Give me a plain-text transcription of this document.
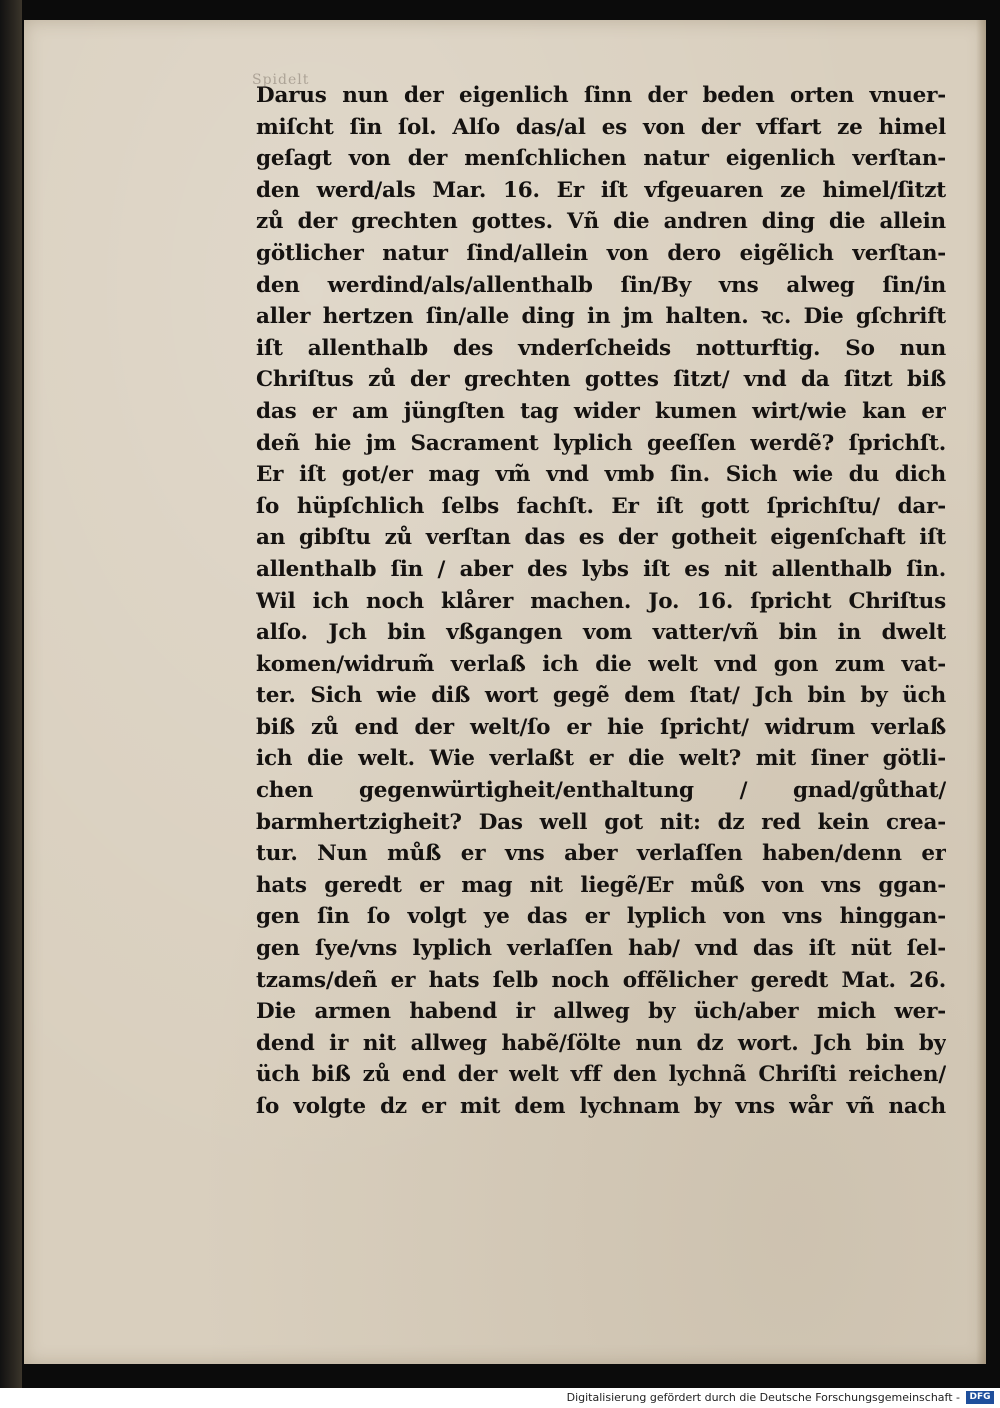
Spidelt
Darus nun der eigenlich ſinn der beden orten vnuer‑
miſcht ſin ſol. Alſo das/al es von der vffart ze himel
geſagt von der menſchlichen natur eigenlich verſtan‑
den werd/als Mar. 16. Er iſt vfgeuaren ze himel/ſitzt
zů der grechten gottes. Vñ die andren ding die allein
götlicher natur ſind/allein von dero eigẽlich verſtan‑
den werdind/als/allenthalb ſin/By vns alweg ſin/in
aller hertzen ſin/alle ding in jm halten. ꝛc. Die gſchrift
iſt allenthalb des vnderſcheids notturftig. So nun
Chriſtus zů der grechten gottes ſitzt/ vnd da ſitzt biß
das er am jüngſten tag wider kumen wirt/wie kan er
deñ hie jm Sacrament lyplich geeſſen werdẽ? ſprichſt.
Er iſt got/er mag vm̃ vnd vmb ſin. Sich wie du dich
ſo hüpſchlich ſelbs fachſt. Er iſt gott ſprichſtu/ dar‑
an gibſtu zů verſtan das es der gotheit eigenſchaft iſt
allenthalb ſin / aber des lybs iſt es nit allenthalb ſin.
Wil ich noch klårer machen. Jo. 16. ſpricht Chriſtus
alſo. Jch bin vßgangen vom vatter/vñ bin in dwelt
komen/widrum̃ verlaß ich die welt vnd gon zum vat‑
ter. Sich wie diß wort gegẽ dem ſtat/ Jch bin by üch
biß zů end der welt/ſo er hie ſpricht/ widrum verlaß
ich die welt. Wie verlaßt er die welt? mit ſiner götli‑
chen gegenwürtigheit/enthaltung / gnad/gůthat/
barmhertzigheit? Das well got nit: dz red kein crea‑
tur. Nun můß er vns aber verlaſſen haben/denn er
hats geredt er mag nit liegẽ/Er můß von vns ggan‑
gen ſin ſo volgt ye das er lyplich von vns hinggan‑
gen ſye/vns lyplich verlaſſen hab/ vnd das iſt nüt ſel‑
tzams/deñ er hats ſelb noch offẽlicher geredt Mat. 26.
Die armen habend ir allweg by üch/aber mich wer‑
dend ir nit allweg habẽ/ſölte nun dz wort. Jch bin by
üch biß zů end der welt vff den lychnã Chriſti reichen/
ſo volgte dz er mit dem lychnam by vns wår vñ nach
Digitalisierung gefördert durch die Deutsche Forschungsgemeinschaft -	DFG
